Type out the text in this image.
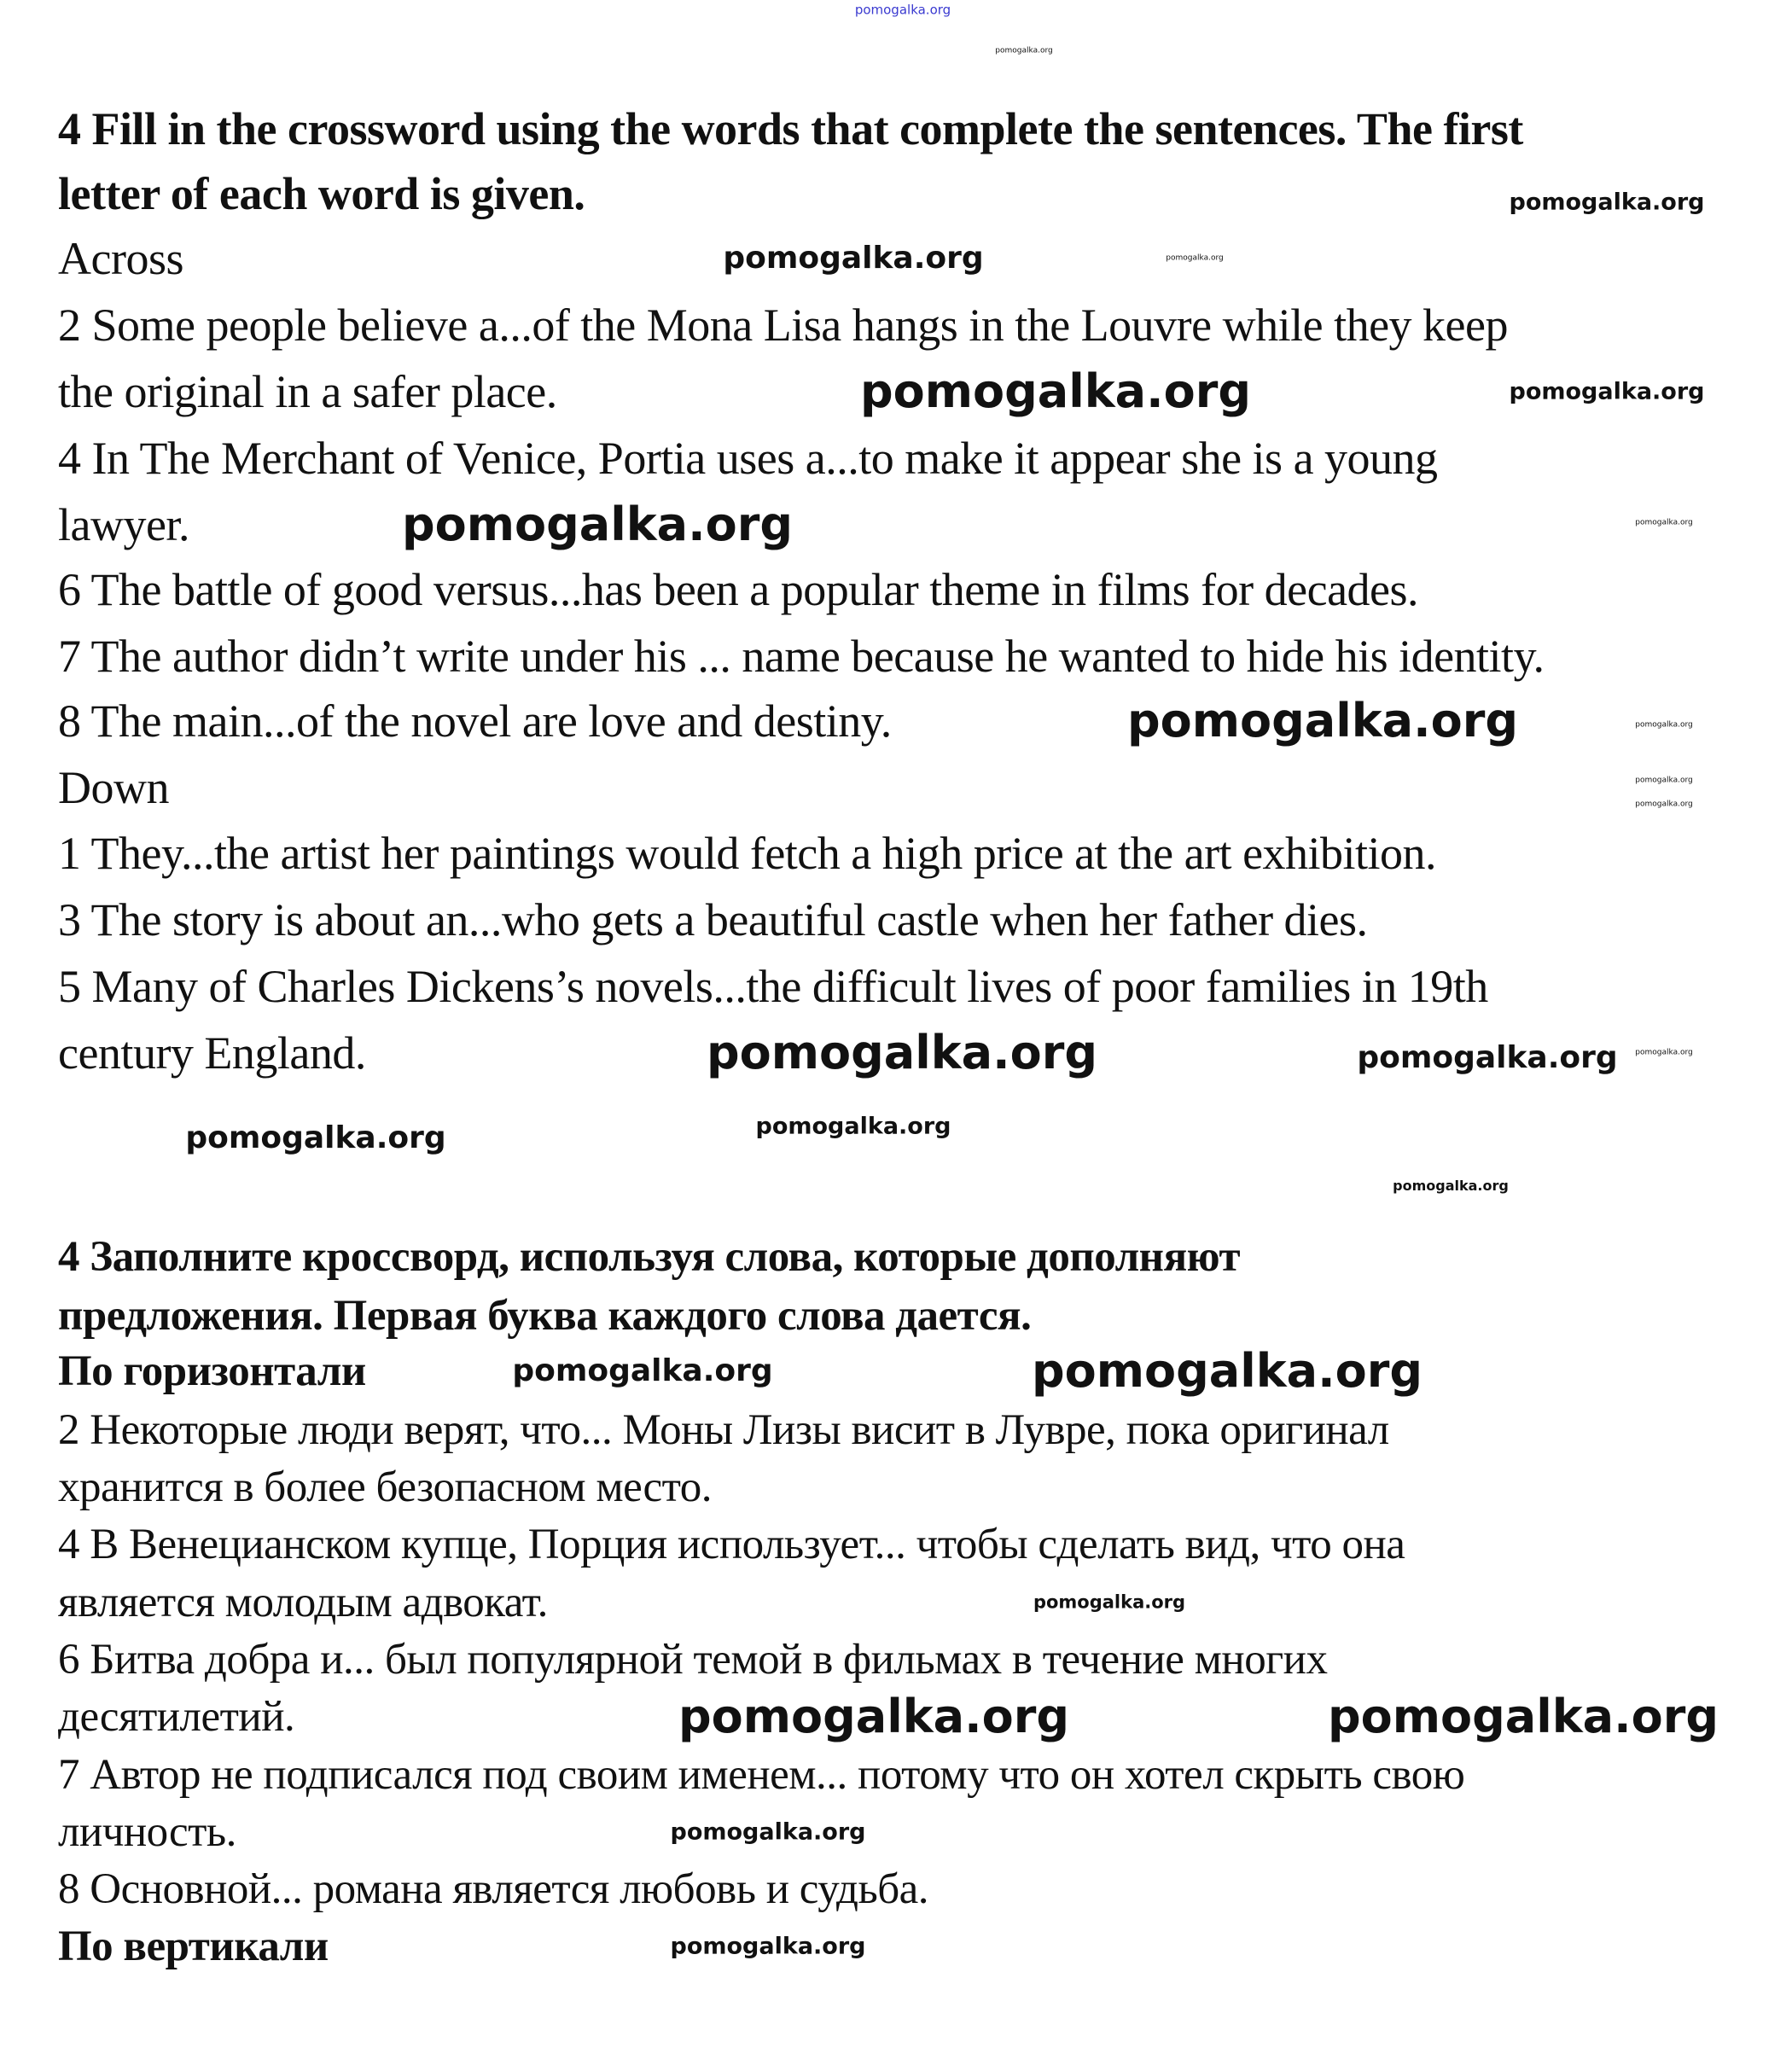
4 Fill in the crossword using the words that complete the sentences. The first
letter of each word is given.
Across
2 Some people believe a...of the Mona Lisa hangs in the Louvre while they keep
the original in a safer place.
4 In The Merchant of Venice, Portia uses a...to make it appear she is a young
lawyer.
6 The battle of good versus...has been a popular theme in films for decades.
7 The author didn’t write under his ... name because he wanted to hide his identity.
8 The main...of the novel are love and destiny.
Down
1 They...the artist her paintings would fetch a high price at the art exhibition.
3 The story is about an...who gets a beautiful castle when her father dies.
5 Many of Charles Dickens’s novels...the difficult lives of poor families in 19th
century England.
4 Заполните кроссворд, используя слова, которые дополняют
предложения. Первая буква каждого слова дается.
По горизонтали
2 Некоторые люди верят, что... Моны Лизы висит в Лувре, пока оригинал
хранится в более безопасном место.
4 В Венецианском купце, Порция использует... чтобы сделать вид, что она
является молодым адвокат.
6 Битва добра и... был популярной темой в фильмах в течение многих
десятилетий.
7 Автор не подписался под своим именем... потому что он хотел скрыть свою
личность.
8 Основной... романа является любовь и судьба.
По вертикали
pomogalka.org
pomogalka.org
pomogalka.org
pomogalka.org	pomogalka.org
pomogalka.org
pomogalka.org
pomogalka.org	pomogalka.org
pomogalka.org
pomogalka.org
pomogalka.org
pomogalka.org
pomogalka.org
pomogalka.org
pomogalka.org	pomogalka.org
pomogalka.org
pomogalka.org	pomogalka.org
pomogalka.org
pomogalka.org
pomogalka.org	pomogalka.org
pomogalka.org
pomogalka.org
